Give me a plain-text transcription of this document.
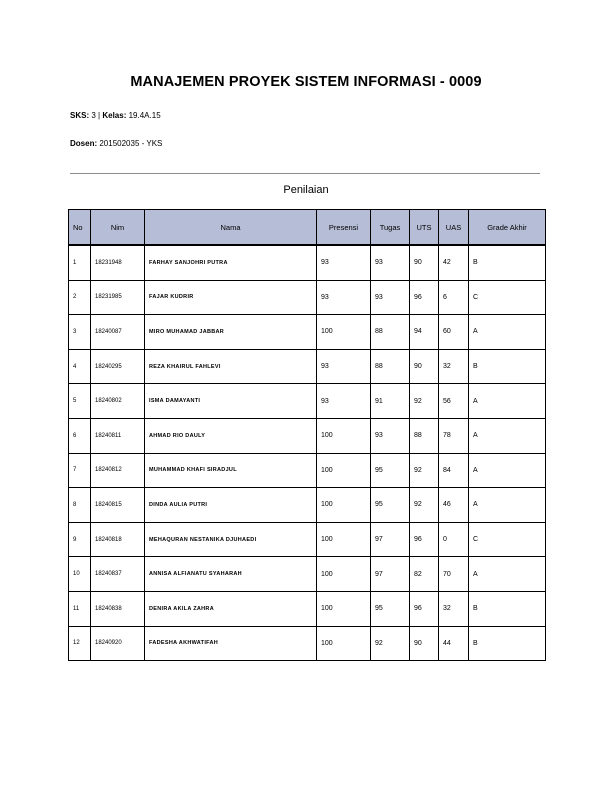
MANAJEMEN PROYEK SISTEM INFORMASI - 0009
SKS: 3 | Kelas: 19.4A.15
Dosen: 201502035 - YKS
Penilaian
No	Nim	Nama	Presensi	Tugas	UTS	UAS	Grade Akhir
1	18231948	FARHAY SANJOHRI PUTRA	93	93	90	42	B
2	18231985	FAJAR KUDRIR	93	93	96	6	C
3	18240087	MIRO MUHAMAD JABBAR	100	88	94	60	A
4	18240295	REZA KHAIRUL FAHLEVI	93	88	90	32	B
5	18240802	ISMA DAMAYANTI	93	91	92	56	A
6	18240811	AHMAD RIO DAULY	100	93	88	78	A
7	18240812	MUHAMMAD KHAFI SIRADJUL	100	95	92	84	A
8	18240815	DINDA AULIA PUTRI	100	95	92	46	A
9	18240818	MEHAQURAN NESTANIKA DJUHAEDI	100	97	96	0	C
10	18240837	ANNISA ALFIANATU SYAHARAH	100	97	82	70	A
11	18240838	DENIRA AKILA ZAHRA	100	95	96	32	B
12	18240920	FADESHA AKHWATIFAH	100	92	90	44	B
